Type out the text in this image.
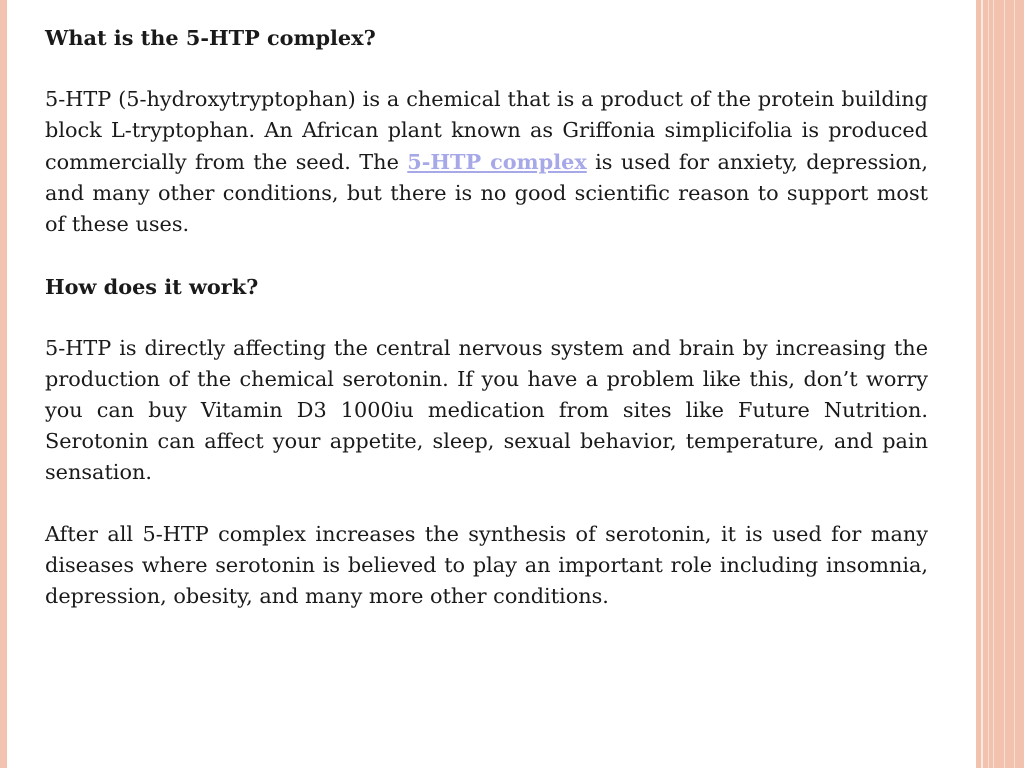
What is the 5-HTP complex?

5-HTP (5-hydroxytryptophan) is a chemical that is a product of the protein building block L-tryptophan. An African plant known as Griffonia simplicifolia is produced commercially from the seed. The 5-HTP complex is used for anxiety, depression, and many other conditions, but there is no good scientific reason to support most of these uses.

How does it work?

5-HTP is directly affecting the central nervous system and brain by increasing the production of the chemical serotonin. If you have a problem like this, don’t worry you can buy Vitamin D3 1000iu medication from sites like Future Nutrition. Serotonin can affect your appetite, sleep, sexual behavior, temperature, and pain sensation.

After all 5-HTP complex increases the synthesis of serotonin, it is used for many diseases where serotonin is believed to play an important role including insomnia, depression, obesity, and many more other conditions.
